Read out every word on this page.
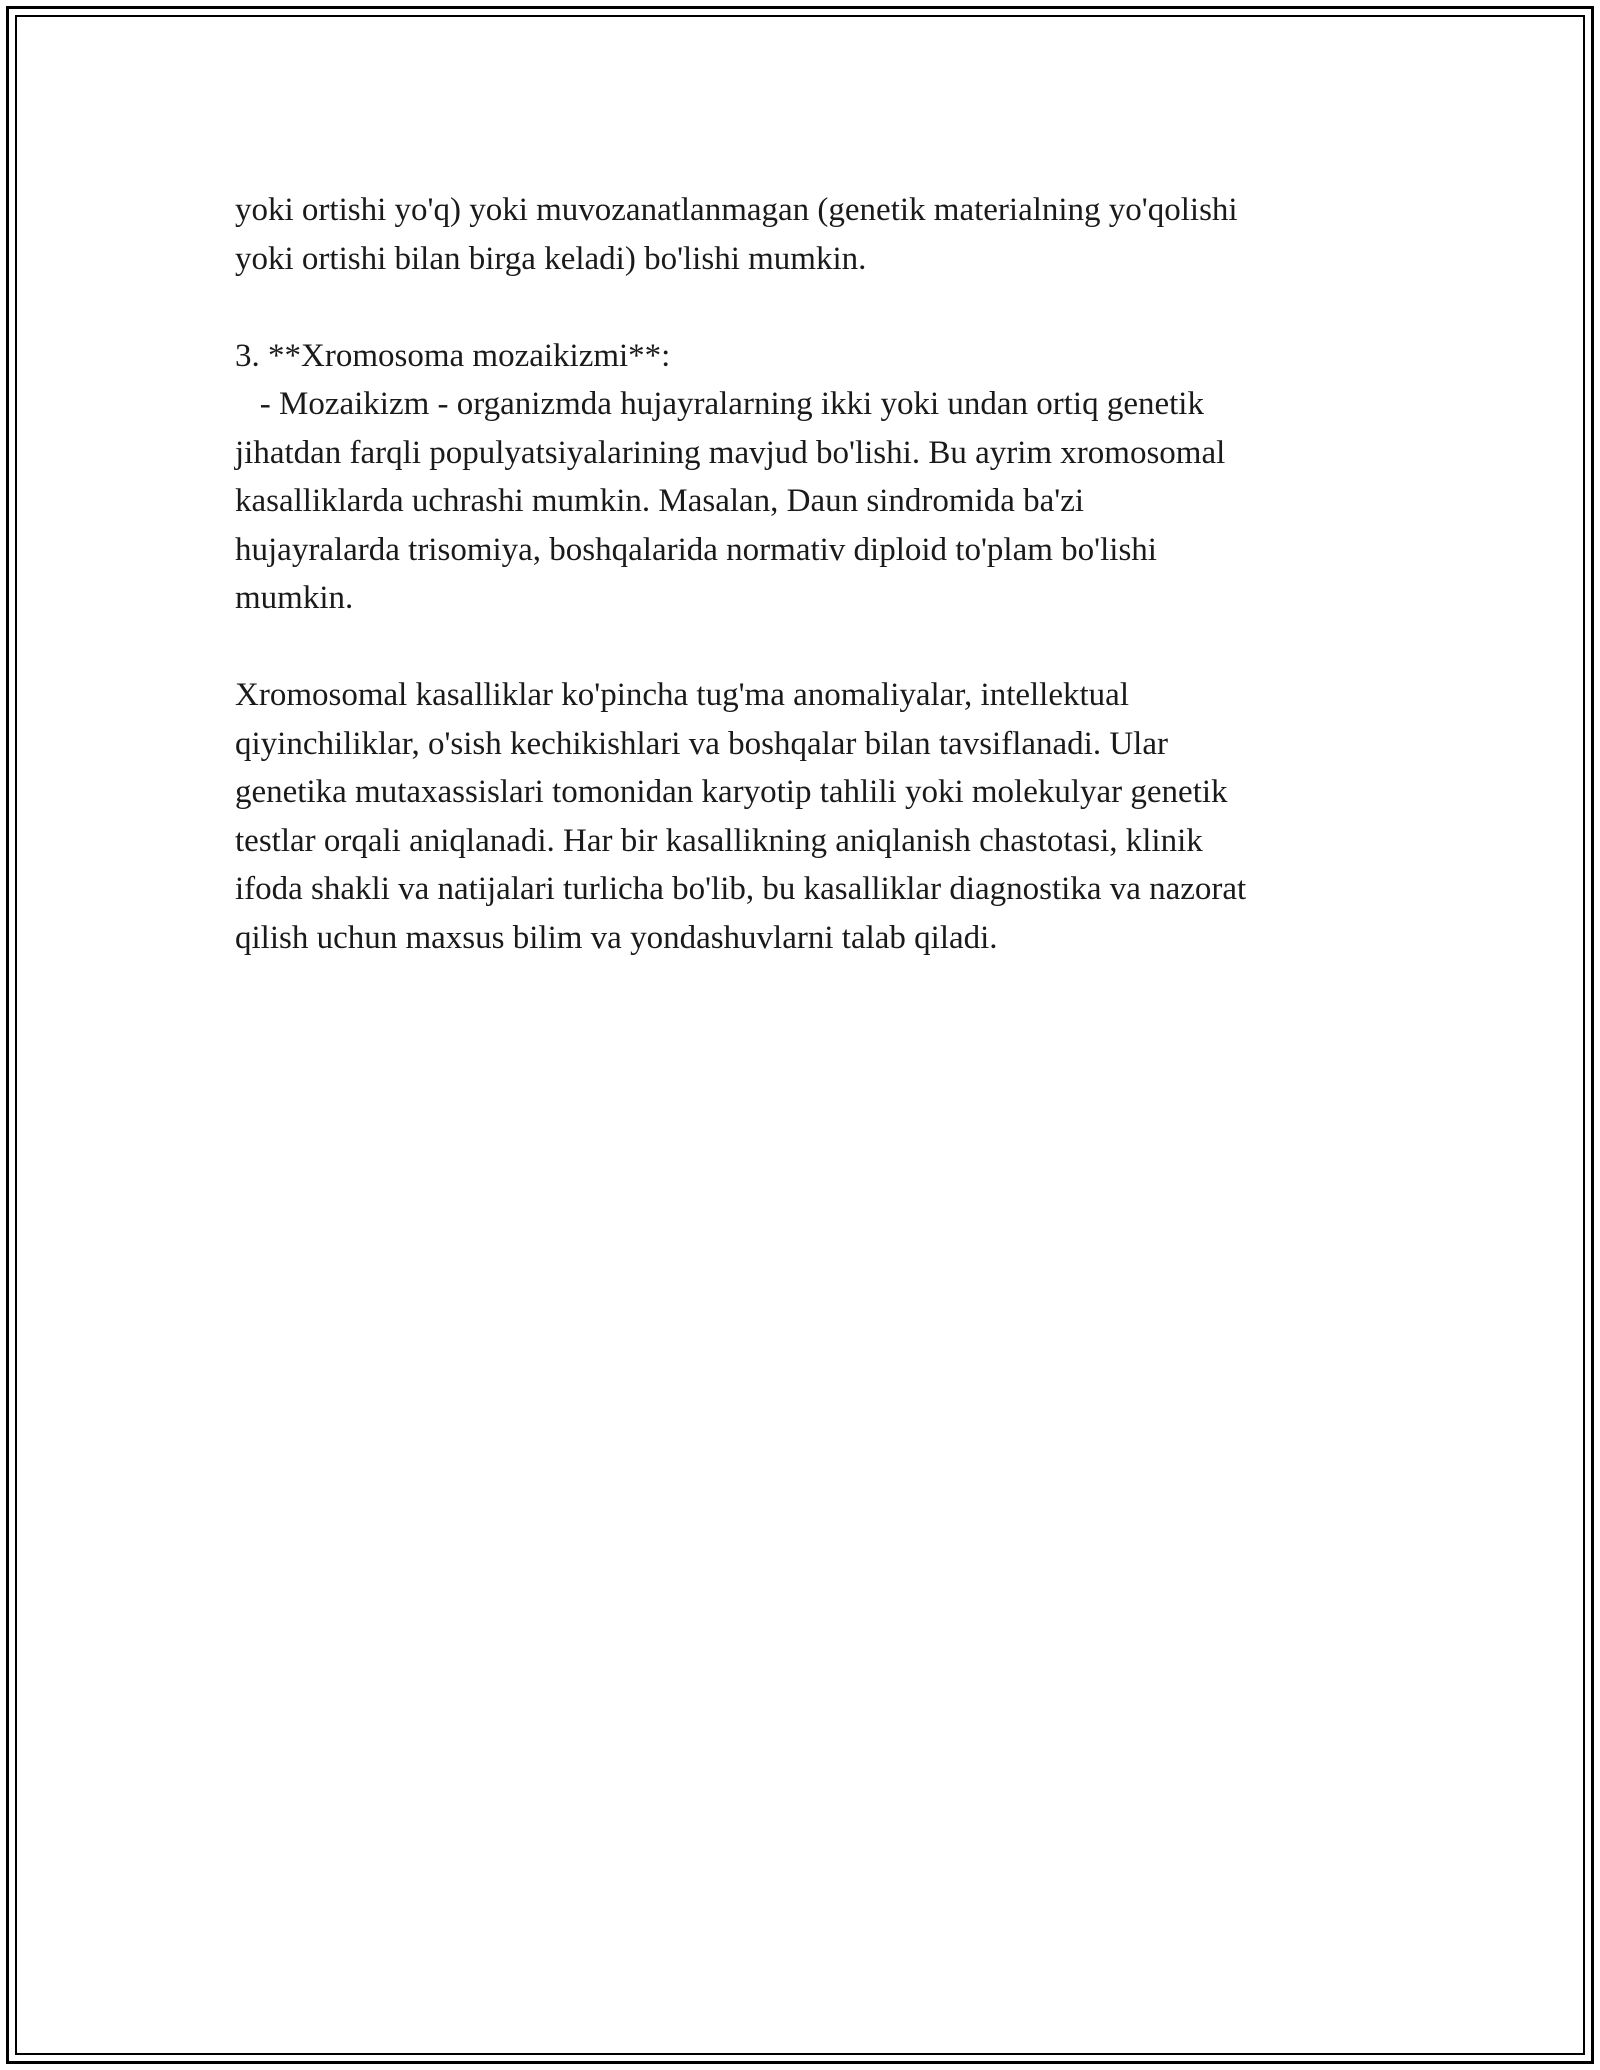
yoki ortishi yo'q) yoki muvozanatlanmagan (genetik materialning yo'qolishi
yoki ortishi bilan birga keladi) bo'lishi mumkin.
3. **Xromosoma mozaikizmi**:
- Mozaikizm - organizmda hujayralarning ikki yoki undan ortiq genetik
jihatdan farqli populyatsiyalarining mavjud bo'lishi. Bu ayrim xromosomal
kasalliklarda uchrashi mumkin. Masalan, Daun sindromida ba'zi
hujayralarda trisomiya, boshqalarida normativ diploid to'plam bo'lishi
mumkin.
Xromosomal kasalliklar ko'pincha tug'ma anomaliyalar, intellektual
qiyinchiliklar, o'sish kechikishlari va boshqalar bilan tavsiflanadi. Ular
genetika mutaxassislari tomonidan karyotip tahlili yoki molekulyar genetik
testlar orqali aniqlanadi. Har bir kasallikning aniqlanish chastotasi, klinik
ifoda shakli va natijalari turlicha bo'lib, bu kasalliklar diagnostika va nazorat
qilish uchun maxsus bilim va yondashuvlarni talab qiladi.
